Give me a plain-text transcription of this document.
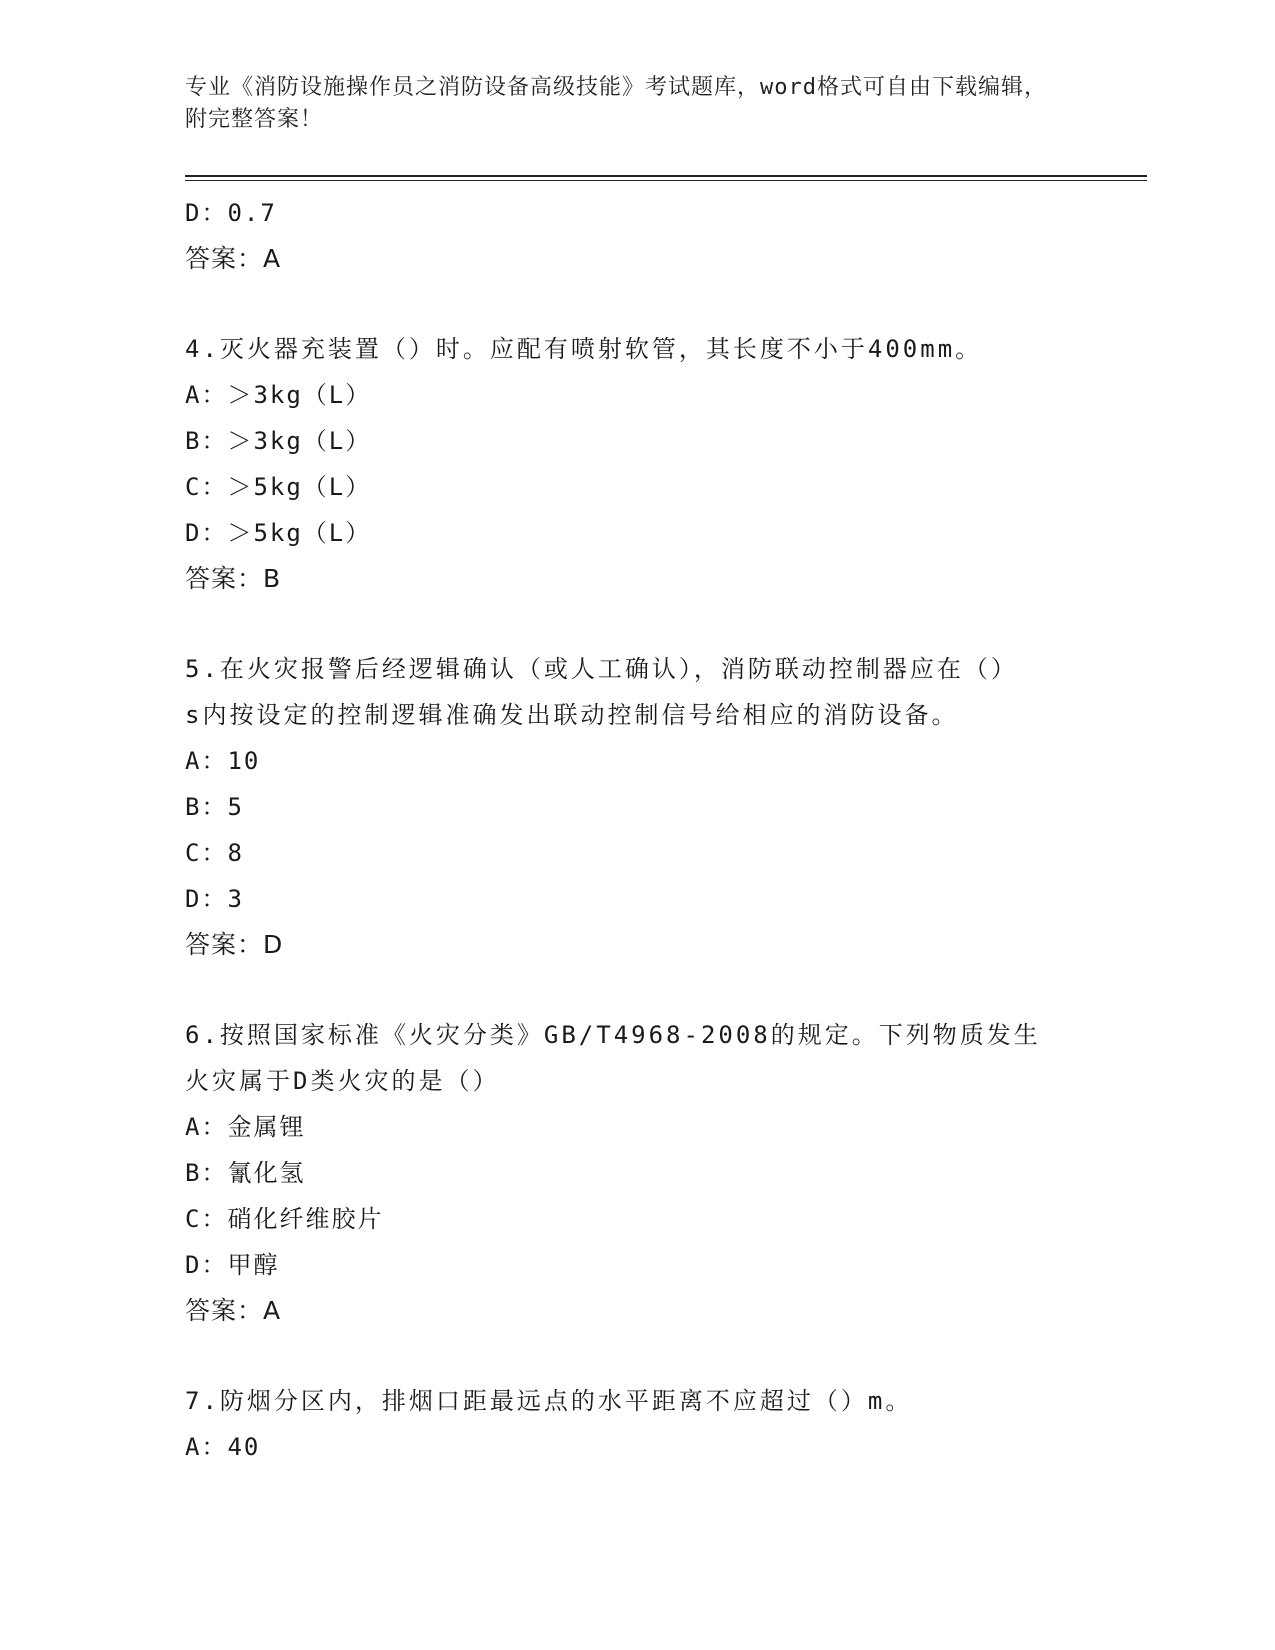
专业《消防设施操作员之消防设备高级技能》考试题库，word格式可自由下载编辑，附完整答案！
D：0.7
答案：A
4.灭火器充装置（）时。应配有喷射软管，其长度不小于400mm。
A：＞3kg（L）
B：＞3kg（L）
C：＞5kg（L）
D：＞5kg（L）
答案：B
5.在火灾报警后经逻辑确认（或人工确认），消防联动控制器应在（）s内按设定的控制逻辑准确发出联动控制信号给相应的消防设备。
A：10
B：5
C：8
D：3
答案：D
6.按照国家标准《火灾分类》GB/T4968-2008的规定。下列物质发生火灾属于D类火灾的是（）
A：金属锂
B：氰化氢
C：硝化纤维胶片
D：甲醇
答案：A
7.防烟分区内，排烟口距最远点的水平距离不应超过（）m。
A：40
